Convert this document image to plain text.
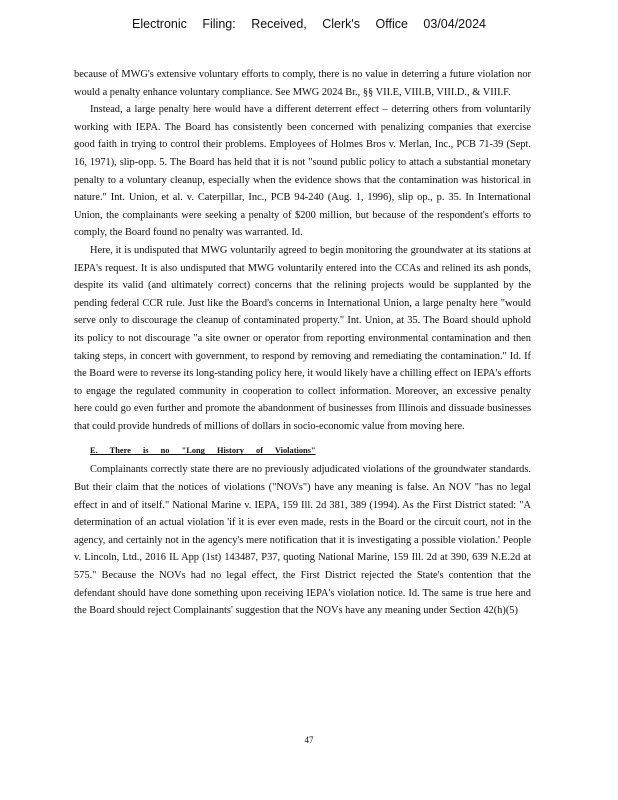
Electronic Filing: Received, Clerk's Office 03/04/2024

because of MWG's extensive voluntary efforts to comply, there is no value in deterring a future violation nor would a penalty enhance voluntary compliance. See MWG 2024 Br., §§ VII.E, VIII.B, VIII.D., & VIII.F.

Instead, a large penalty here would have a different deterrent effect – deterring others from voluntarily working with IEPA. The Board has consistently been concerned with penalizing companies that exercise good faith in trying to control their problems. Employees of Holmes Bros v. Merlan, Inc., PCB 71-39 (Sept. 16, 1971), slip-opp. 5. The Board has held that it is not "sound public policy to attach a substantial monetary penalty to a voluntary cleanup, especially when the evidence shows that the contamination was historical in nature." Int. Union, et al. v. Caterpillar, Inc., PCB 94-240 (Aug. 1, 1996), slip op., p. 35. In International Union, the complainants were seeking a penalty of $200 million, but because of the respondent's efforts to comply, the Board found no penalty was warranted. Id.

Here, it is undisputed that MWG voluntarily agreed to begin monitoring the groundwater at its stations at IEPA's request. It is also undisputed that MWG voluntarily entered into the CCAs and relined its ash ponds, despite its valid (and ultimately correct) concerns that the relining projects would be supplanted by the pending federal CCR rule. Just like the Board's concerns in International Union, a large penalty here "would serve only to discourage the cleanup of contaminated property." Int. Union, at 35. The Board should uphold its policy to not discourage "a site owner or operator from reporting environmental contamination and then taking steps, in concert with government, to respond by removing and remediating the contamination." Id. If the Board were to reverse its long-standing policy here, it would likely have a chilling effect on IEPA's efforts to engage the regulated community in cooperation to collect information. Moreover, an excessive penalty here could go even further and promote the abandonment of businesses from Illinois and dissuade businesses that could provide hundreds of millions of dollars in socio-economic value from moving here.

E. There is no "Long History of Violations"

Complainants correctly state there are no previously adjudicated violations of the groundwater standards. But their claim that the notices of violations ("NOVs") have any meaning is false. An NOV "has no legal effect in and of itself." National Marine v. IEPA, 159 Ill. 2d 381, 389 (1994). As the First District stated: "A determination of an actual violation 'if it is ever even made, rests in the Board or the circuit court, not in the agency, and certainly not in the agency's mere notification that it is investigating a possible violation.' People v. Lincoln, Ltd., 2016 IL App (1st) 143487, P37, quoting National Marine, 159 Ill. 2d at 390, 639 N.E.2d at 575." Because the NOVs had no legal effect, the First District rejected the State's contention that the defendant should have done something upon receiving IEPA's violation notice. Id. The same is true here and the Board should reject Complainants' suggestion that the NOVs have any meaning under Section 42(h)(5)

47
